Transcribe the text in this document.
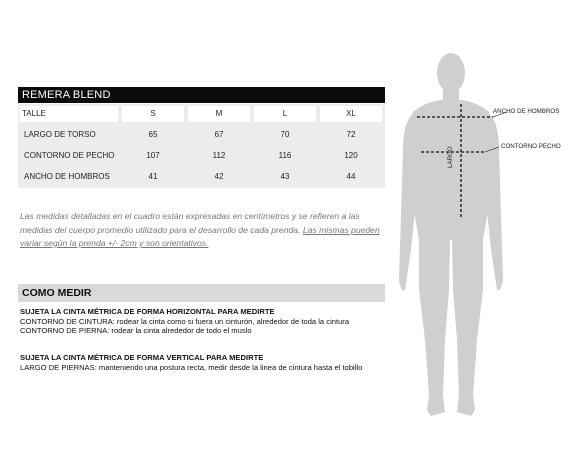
REMERA BLEND
TALLE	S	M	L	XL
LARGO DE TORSO	65	67	70	72
CONTORNO DE PECHO	107	112	116	120
ANCHO DE HOMBROS	41	42	43	44
Las medidas detalladas en el cuadro están expresadas en centímetros y se refieren a las medidas del cuerpo promedio utilizado para el desarrollo de cada prenda. Las mismas pueden variar según la prenda +/- 2cm y son orientativos.
COMO MEDIR
SUJETA LA CINTA MÉTRICA DE FORMA HORIZONTAL PARA MEDIRTE
CONTORNO DE CINTURA: rodear la cinta como si fuera un cinturón, alrededor de toda la cintura
CONTORNO DE PIERNA: rodear la cinta alrededor de todo el muslo
SUJETA LA CINTA MÉTRICA DE FORMA VERTICAL PARA MEDIRTE
LARGO DE PIERNAS: manteniendo una postura recta, medir desde la linea de cintura hasta el tobillo
ANCHO DE HOMBROS
CONTORNO PECHO
LARGO
